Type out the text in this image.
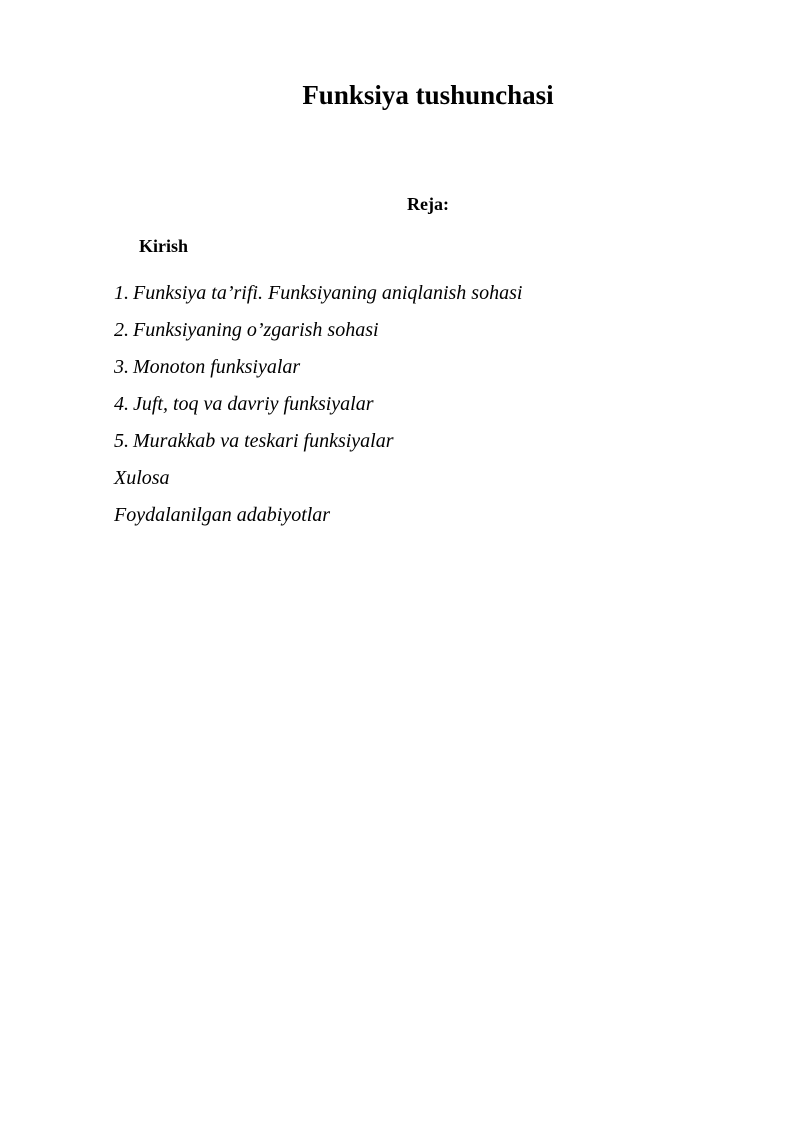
Funksiya tushunchasi
Reja:
Kirish
1. Funksiya ta’rifi. Funksiyaning aniqlanish sohasi
2. Funksiyaning o’zgarish sohasi
3. Monoton funksiyalar
4. Juft, toq va davriy funksiyalar
5. Murakkab va teskari funksiyalar
Xulosa
Foydalanilgan adabiyotlar
